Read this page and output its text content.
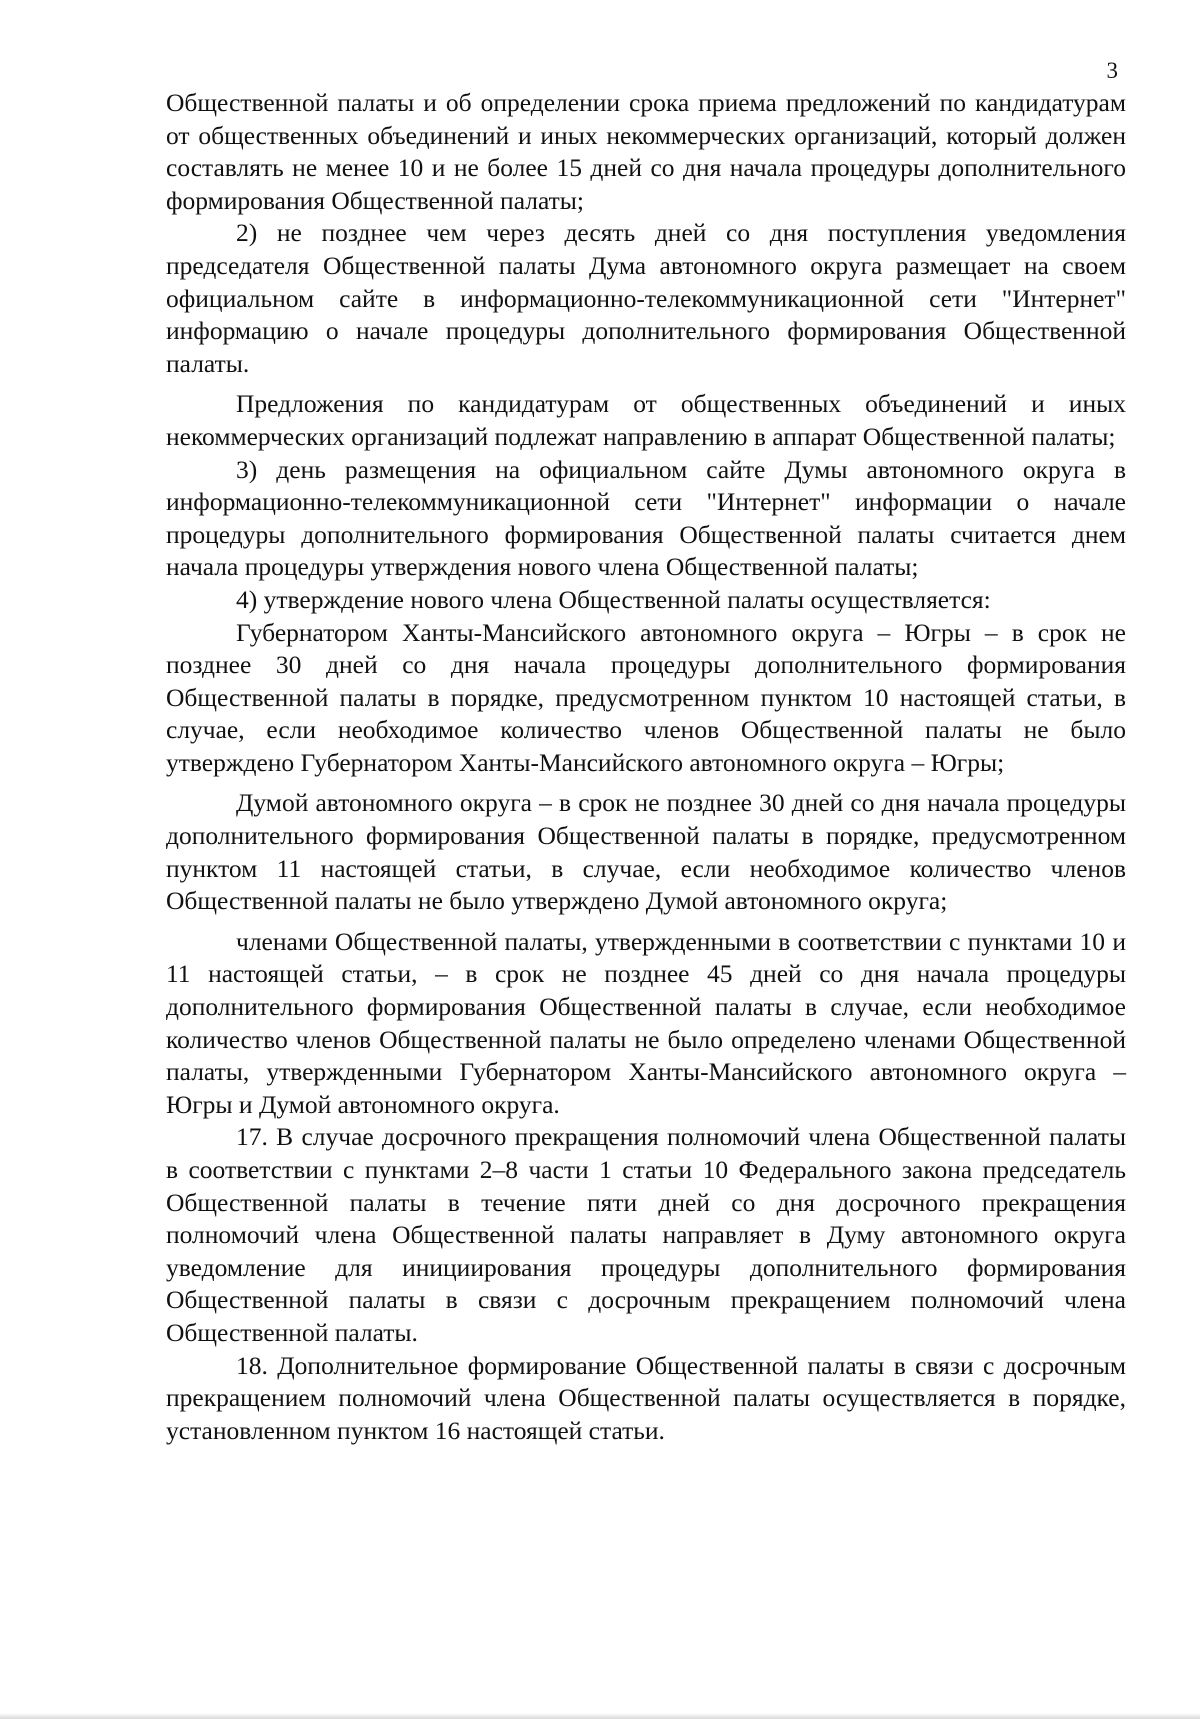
3

Общественной палаты и об определении срока приема предложений по кандидатурам от общественных объединений и иных некоммерческих организаций, который должен составлять не менее 10 и не более 15 дней со дня начала процедуры дополнительного формирования Общественной палаты;

2) не позднее чем через десять дней со дня поступления уведомления председателя Общественной палаты Дума автономного округа размещает на своем официальном сайте в информационно-телекоммуникационной сети "Интернет" информацию о начале процедуры дополнительного формирования Общественной палаты.

Предложения по кандидатурам от общественных объединений и иных некоммерческих организаций подлежат направлению в аппарат Общественной палаты;

3) день размещения на официальном сайте Думы автономного округа в информационно-телекоммуникационной сети "Интернет" информации о начале процедуры дополнительного формирования Общественной палаты считается днем начала процедуры утверждения нового члена Общественной палаты;

4) утверждение нового члена Общественной палаты осуществляется:

Губернатором Ханты-Мансийского автономного округа – Югры – в срок не позднее 30 дней со дня начала процедуры дополнительного формирования Общественной палаты в порядке, предусмотренном пунктом 10 настоящей статьи, в случае, если необходимое количество членов Общественной палаты не было утверждено Губернатором Ханты-Мансийского автономного округа – Югры;

Думой автономного округа – в срок не позднее 30 дней со дня начала процедуры дополнительного формирования Общественной палаты в порядке, предусмотренном пунктом 11 настоящей статьи, в случае, если необходимое количество членов Общественной палаты не было утверждено Думой автономного округа;

членами Общественной палаты, утвержденными в соответствии с пунктами 10 и 11 настоящей статьи, – в срок не позднее 45 дней со дня начала процедуры дополнительного формирования Общественной палаты в случае, если необходимое количество членов Общественной палаты не было определено членами Общественной палаты, утвержденными Губернатором Ханты-Мансийского автономного округа – Югры и Думой автономного округа.

17. В случае досрочного прекращения полномочий члена Общественной палаты в соответствии с пунктами 2–8 части 1 статьи 10 Федерального закона председатель Общественной палаты в течение пяти дней со дня досрочного прекращения полномочий члена Общественной палаты направляет в Думу автономного округа уведомление для инициирования процедуры дополнительного формирования Общественной палаты в связи с досрочным прекращением полномочий члена Общественной палаты.

18. Дополнительное формирование Общественной палаты в связи с досрочным прекращением полномочий члена Общественной палаты осуществляется в порядке, установленном пунктом 16 настоящей статьи.
